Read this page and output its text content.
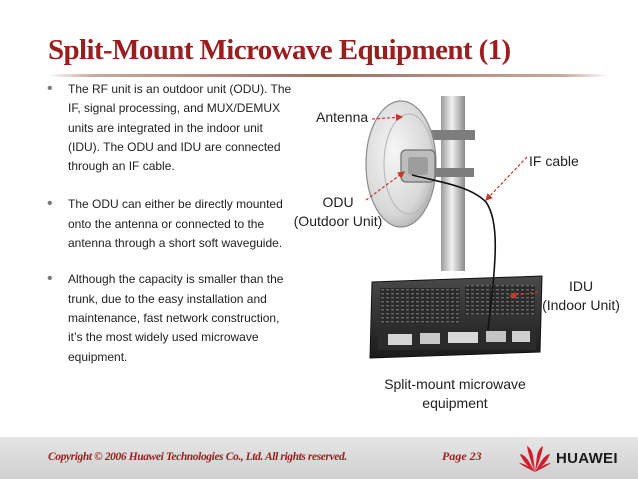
Split-Mount Microwave Equipment (1)
• The RF unit is an outdoor unit (ODU). The IF, signal processing, and MUX/DEMUX units are integrated in the indoor unit (IDU). The ODU and IDU are connected through an IF cable.
• The ODU can either be directly mounted onto the antenna or connected to the antenna through a short soft waveguide.
• Although the capacity is smaller than the trunk, due to the easy installation and maintenance, fast network construction, it’s the most widely used microwave equipment.
Antenna
IF cable
ODU
(Outdoor Unit)
IDU
(Indoor Unit)
Split-mount microwave
equipment
Copyright © 2006 Huawei Technologies Co., Ltd. All rights reserved.	Page 23	HUAWEI
